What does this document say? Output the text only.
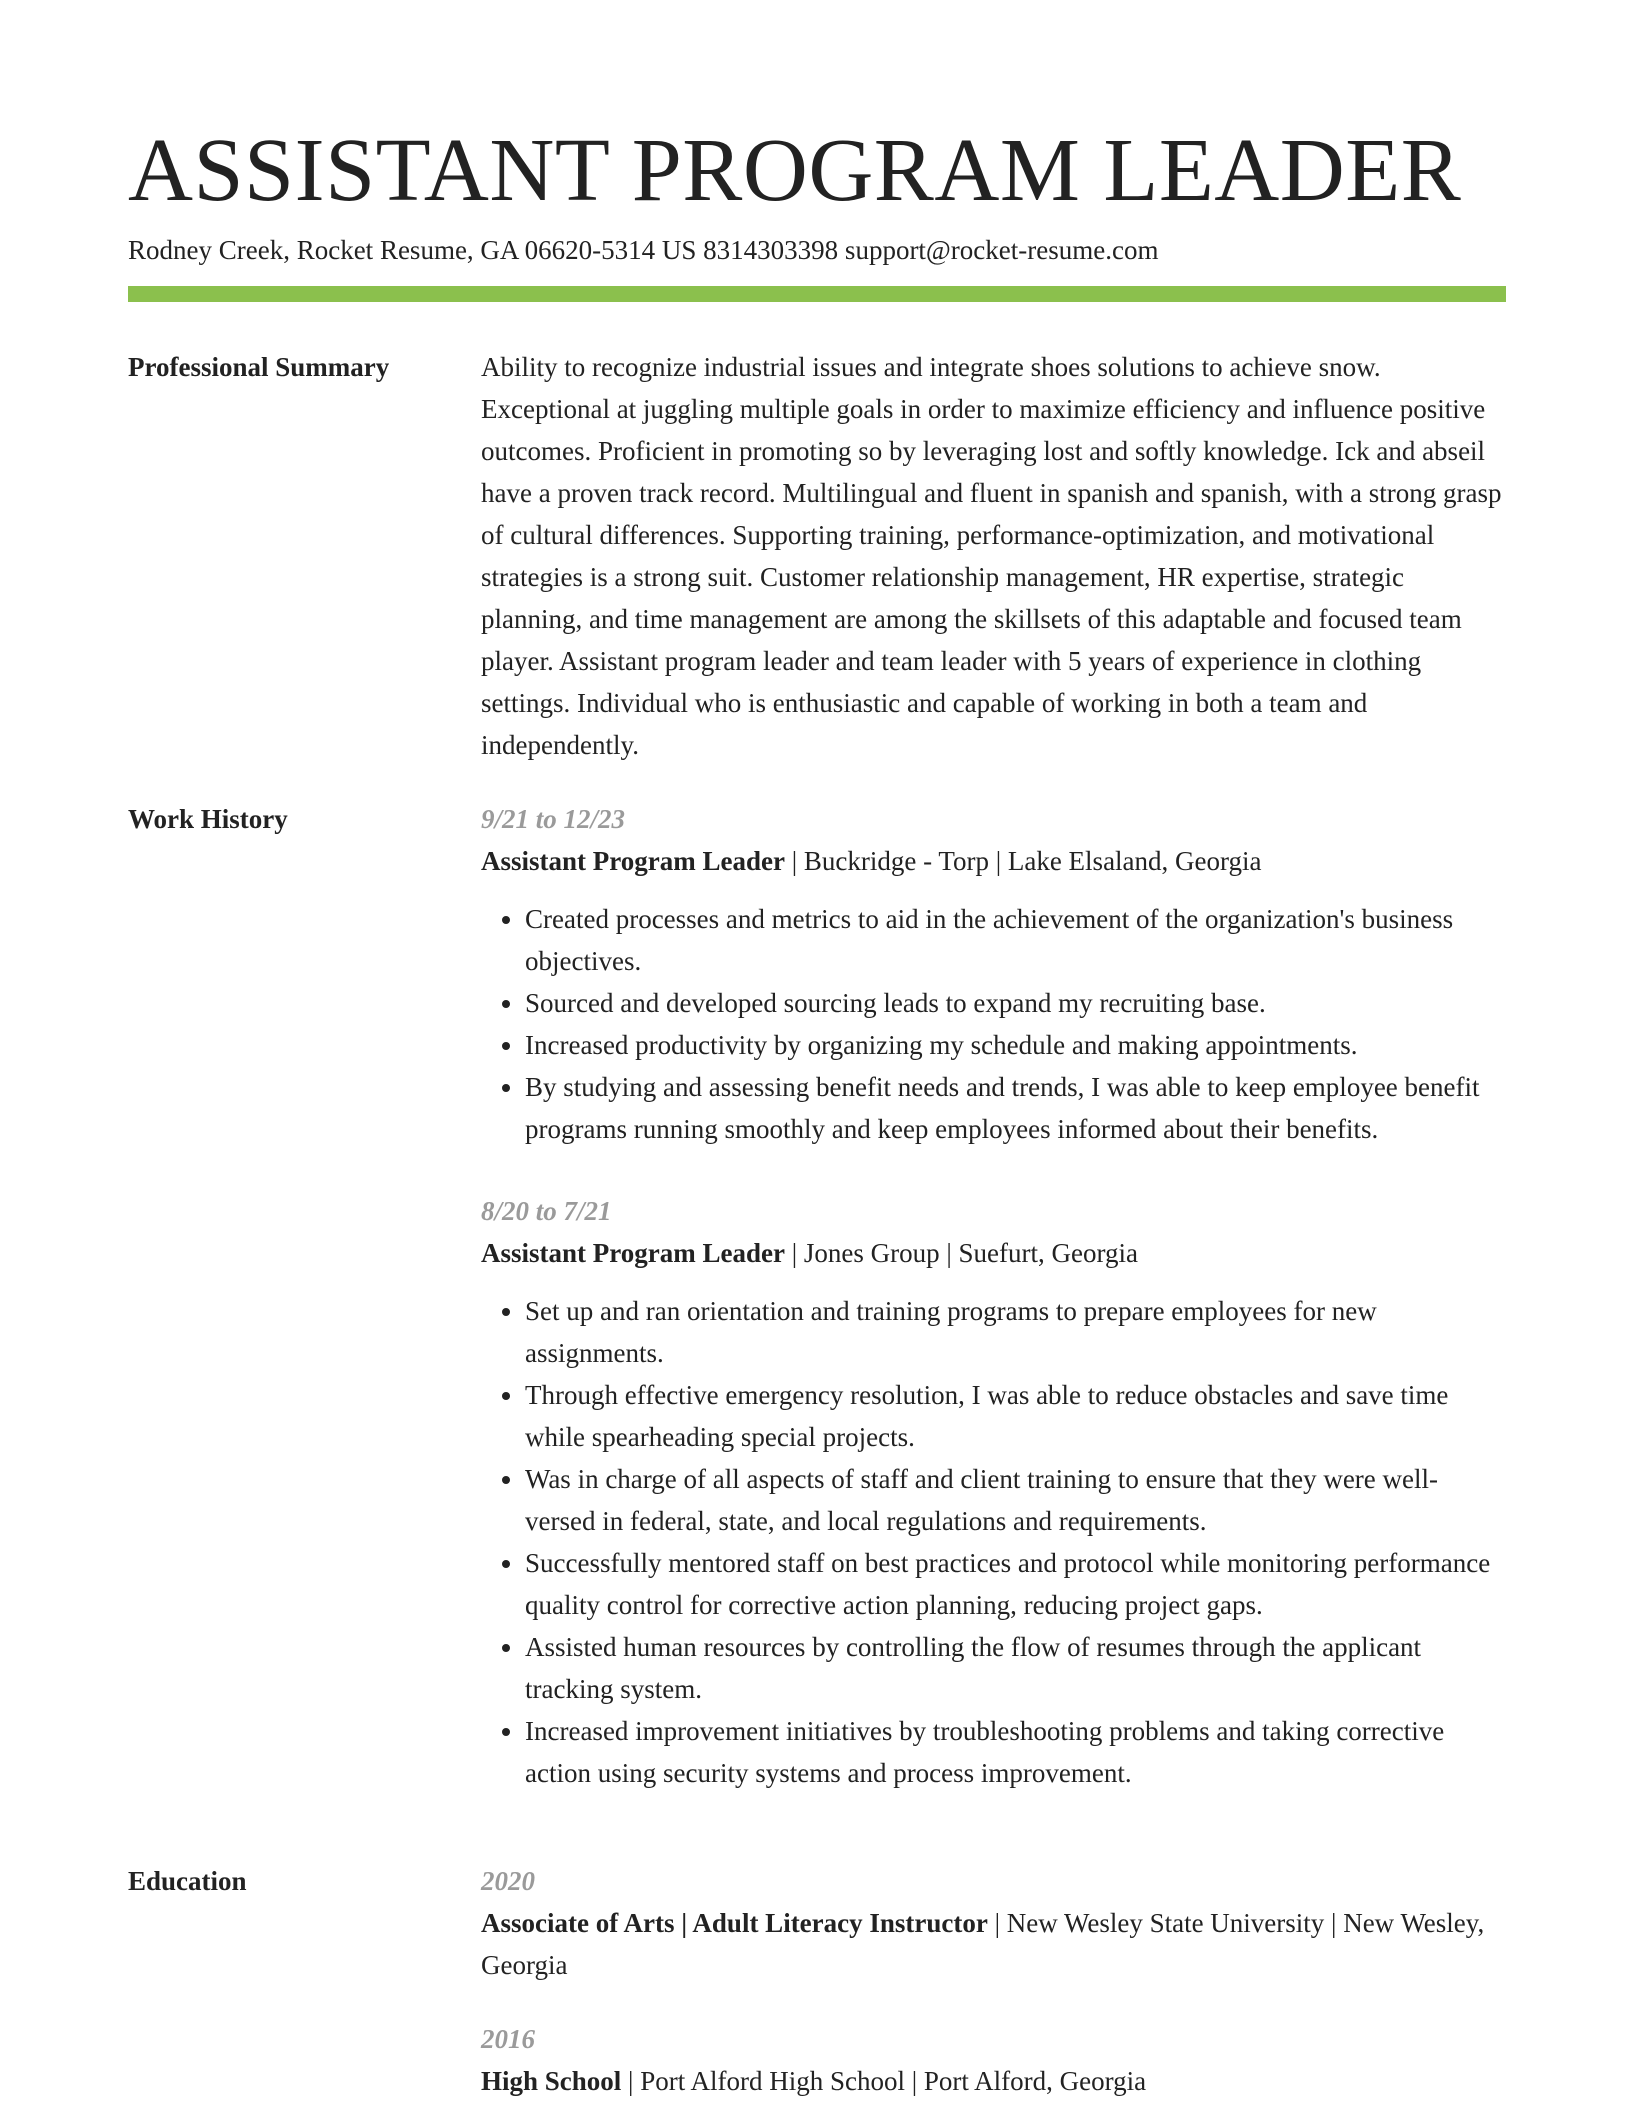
ASSISTANT PROGRAM LEADER
Rodney Creek, Rocket Resume, GA 06620-5314 US 8314303398 support@rocket-resume.com
Professional Summary	Ability to recognize industrial issues and integrate shoes solutions to achieve snow. Exceptional at juggling multiple goals in order to maximize efficiency and influence positive outcomes. Proficient in promoting so by leveraging lost and softly knowledge. Ick and abseil have a proven track record. Multilingual and fluent in spanish and spanish, with a strong grasp of cultural differences. Supporting training, performance-optimization, and motivational strategies is a strong suit. Customer relationship management, HR expertise, strategic planning, and time management are among the skillsets of this adaptable and focused team player. Assistant program leader and team leader with 5 years of experience in clothing settings. Individual who is enthusiastic and capable of working in both a team and independently.

Work History	9/21 to 12/23

Assistant Program Leader | Buckridge - Torp | Lake Elsaland, Georgia

• Created processes and metrics to aid in the achievement of the organization's business objectives.
• Sourced and developed sourcing leads to expand my recruiting base.
• Increased productivity by organizing my schedule and making appointments.
• By studying and assessing benefit needs and trends, I was able to keep employee benefit programs running smoothly and keep employees informed about their benefits.
8/20 to 7/21

Assistant Program Leader | Jones Group | Suefurt, Georgia

• Set up and ran orientation and training programs to prepare employees for new assignments.
• Through effective emergency resolution, I was able to reduce obstacles and save time while spearheading special projects.
• Was in charge of all aspects of staff and client training to ensure that they were well-versed in federal, state, and local regulations and requirements.
• Successfully mentored staff on best practices and protocol while monitoring performance quality control for corrective action planning, reducing project gaps.
• Assisted human resources by controlling the flow of resumes through the applicant tracking system.
• Increased improvement initiatives by troubleshooting problems and taking corrective action using security systems and process improvement.
Education	2020

Associate of Arts | Adult Literacy Instructor | New Wesley State University | New Wesley, Georgia

2016

High School | Port Alford High School | Port Alford, Georgia
